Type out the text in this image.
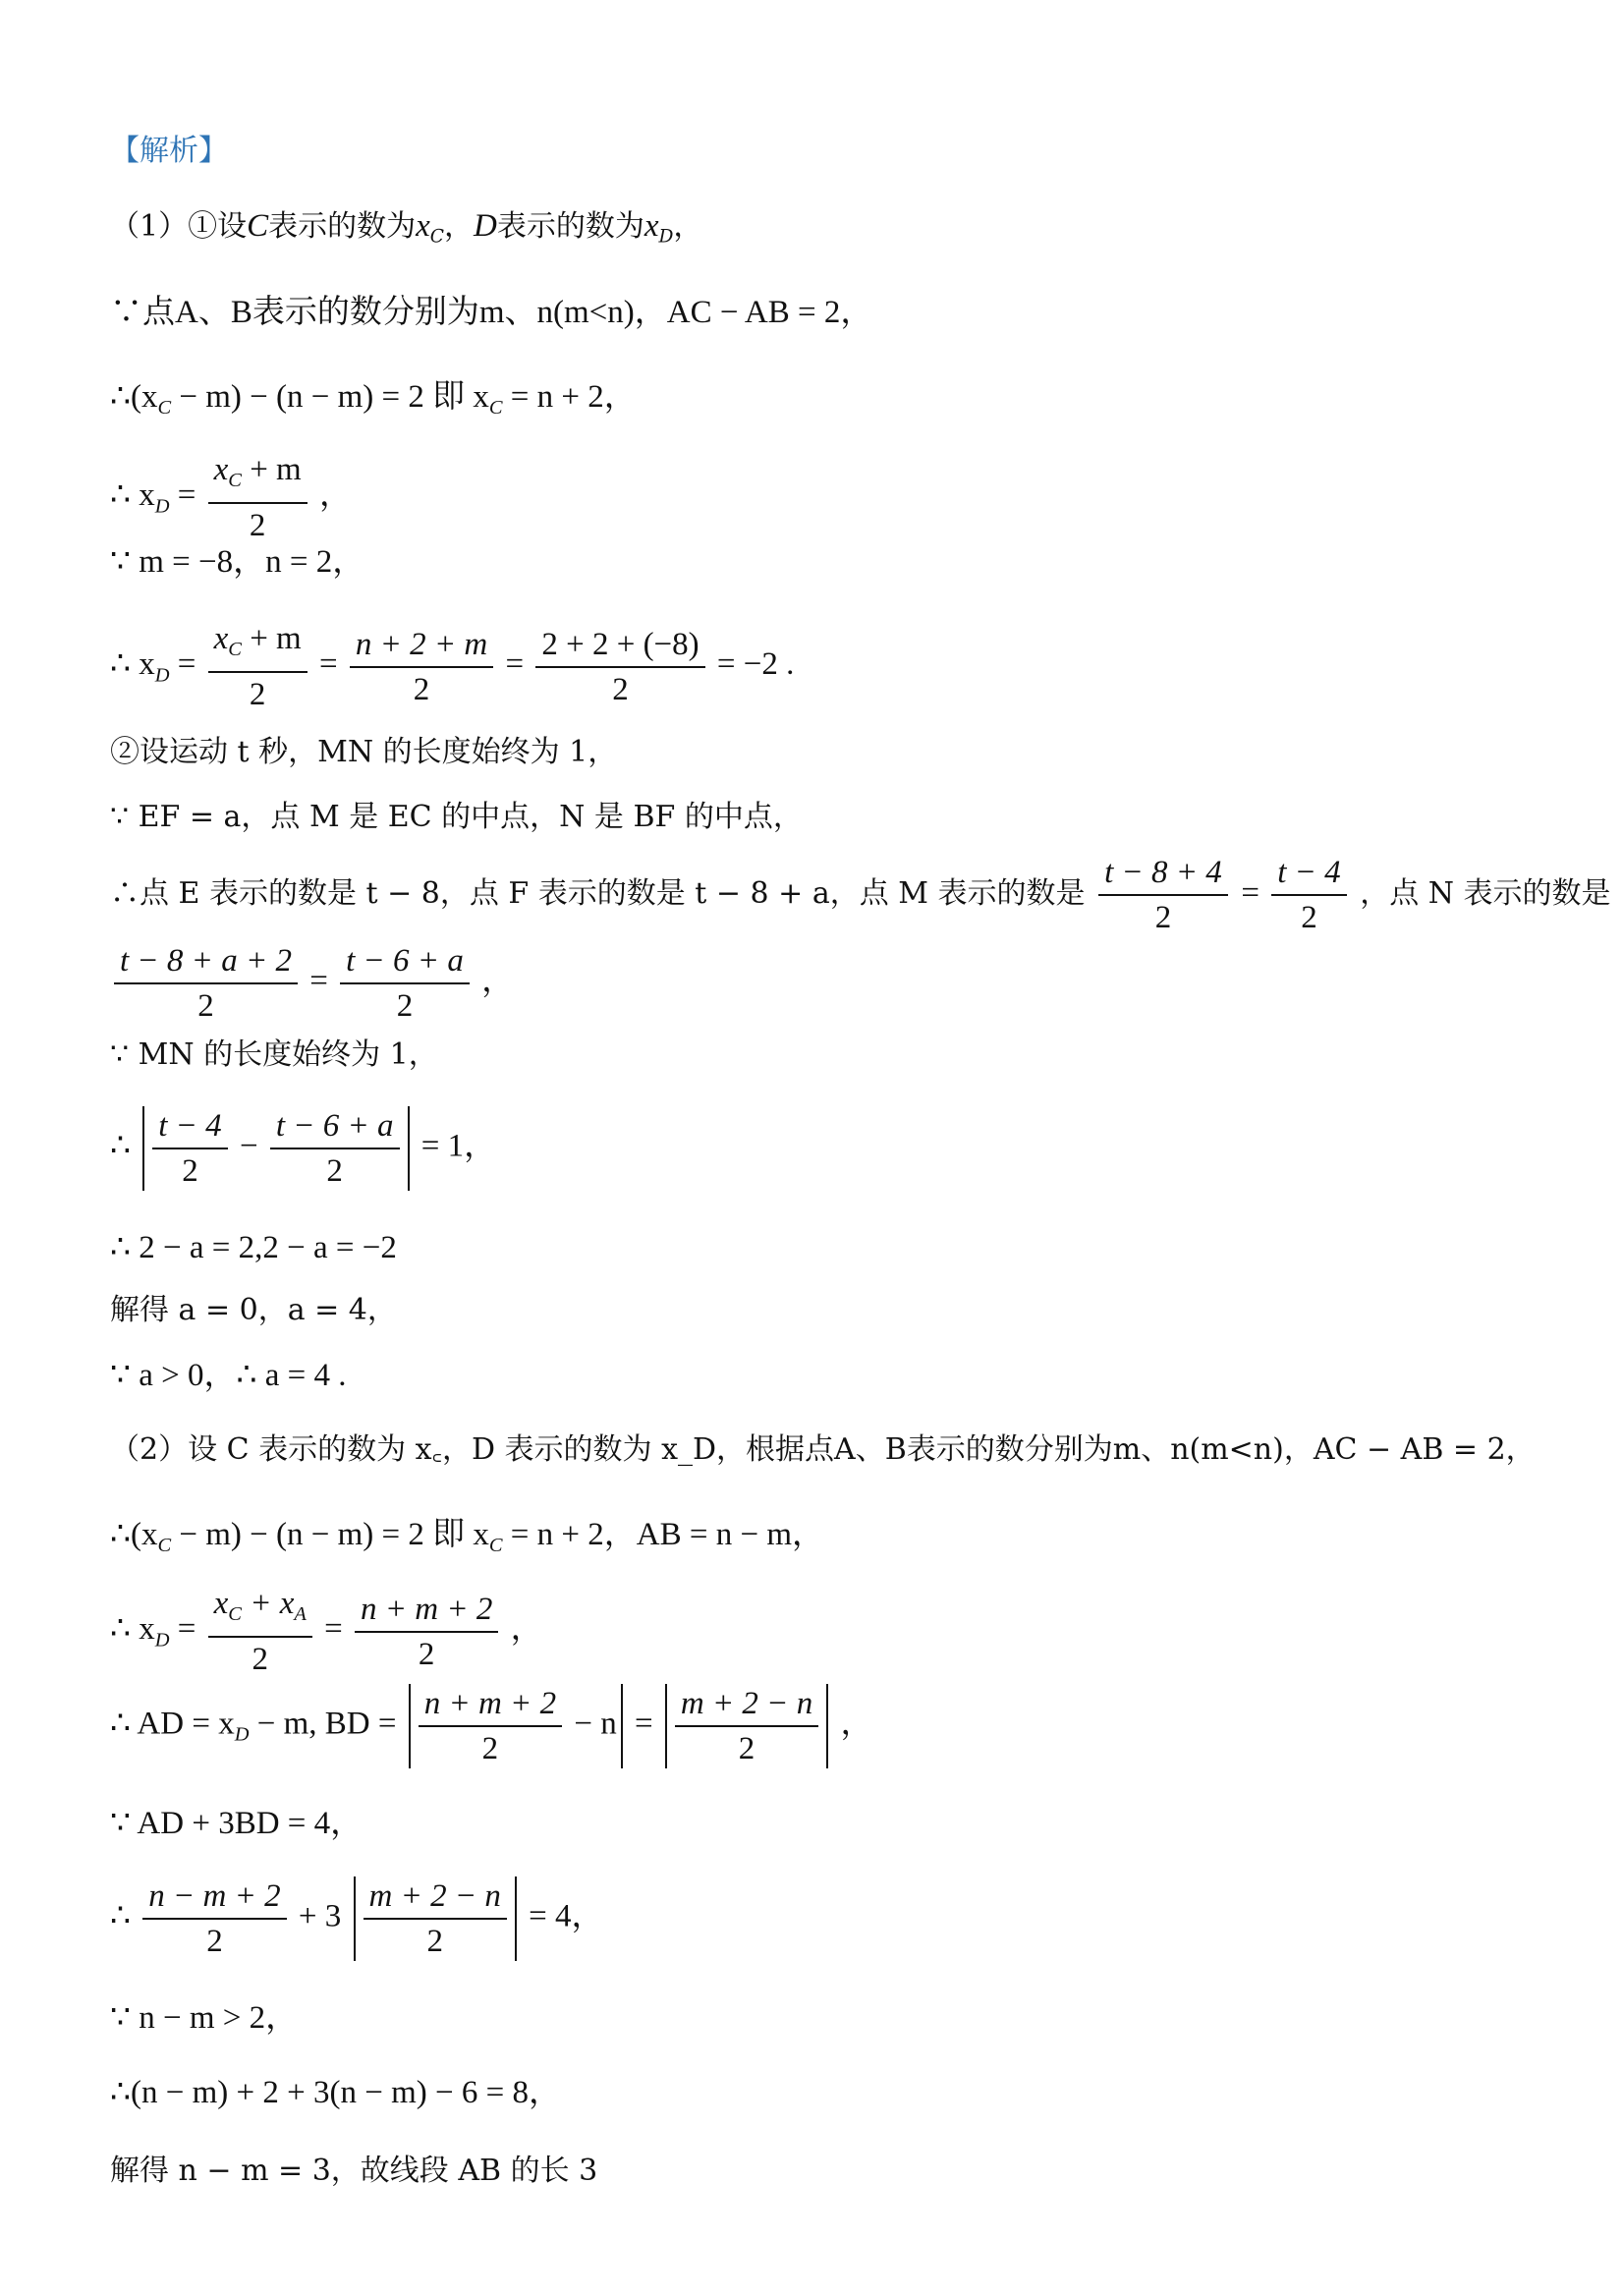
【解析】
（1）①设C表示的数为$x_C$，D表示的数为$x_D$，
∵点A、B表示的数分别为m、n(m<n)，AC − AB = 2，
$\therefore(x_C - m) - (n - m) = 2$ 即 $x_C = n + 2$，
∴ $x_D = \frac{x_C + m}{2}$ ，
∵ m = −8，n = 2，
∴ $x_D = \frac{x_C + m}{2} = \frac{n + 2 + m}{2} = \frac{2 + 2 + (-8)}{2} = -2$ .
②设运动 t 秒，MN 的长度始终为 1，
∵ EF = a，点 M 是 EC 的中点，N 是 BF 的中点，
∴点 E 表示的数是 t − 8，点 F 表示的数是 t − 8 + a，点 M 表示的数是 $\frac{t - 8 + 4}{2} = \frac{t - 4}{2}$ ，点 N 表示的数是
$\frac{t - 8 + a + 2}{2} = \frac{t - 6 + a}{2}$ ，
∵ MN 的长度始终为 1，
∴ $\frac{t - 4}{2} - \frac{t - 6 + a}{2} = 1$，
∴ 2 − a = 2,2 − a = −2
解得 a = 0，a = 4，
∵ a > 0，∴ a = 4 .
（2）设 C 表示的数为 x꜀，D 表示的数为 x_D，根据点A、B表示的数分别为m、n(m<n)，AC − AB = 2，
$\therefore(x_C - m) - (n - m) = 2$ 即 $x_C = n + 2$，AB = n − m，
∴ $x_D = \frac{x_C + x_A}{2} = \frac{n + m + 2}{2}$ ，
∴ AD = $x_D - m$, BD = $\frac{n + m + 2}{2} - n = \frac{m + 2 - n}{2}$ ，
∵ AD + 3BD = 4，
∴ $\frac{n - m + 2}{2} + 3 \frac{m + 2 - n}{2} = 4$，
∵ n − m > 2，
∴(n − m) + 2 + 3(n − m) − 6 = 8，
解得 n − m = 3，故线段 AB 的长 3
